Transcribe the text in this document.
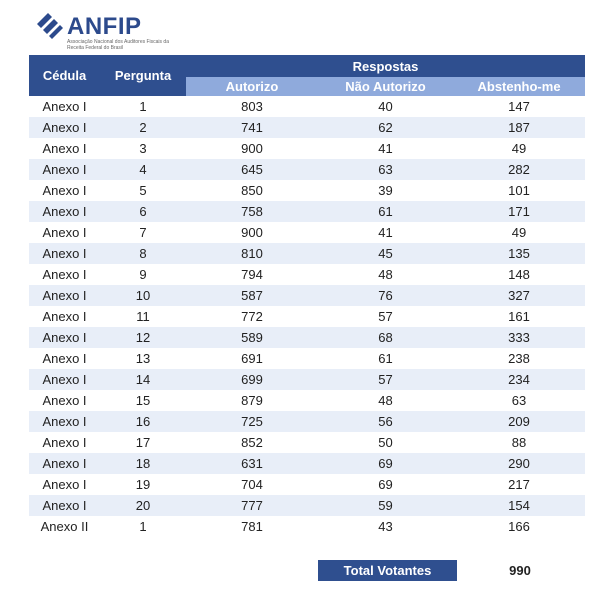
ANFIP
Associação Nacional dos Auditores Fiscais da Receita Federal do Brasil
Cédula	Pergunta	Respostas		
		Autorizo	Não Autorizo	Abstenho-me
Anexo I	1	803	40	147
Anexo I	2	741	62	187
Anexo I	3	900	41	49
Anexo I	4	645	63	282
Anexo I	5	850	39	101
Anexo I	6	758	61	171
Anexo I	7	900	41	49
Anexo I	8	810	45	135
Anexo I	9	794	48	148
Anexo I	10	587	76	327
Anexo I	11	772	57	161
Anexo I	12	589	68	333
Anexo I	13	691	61	238
Anexo I	14	699	57	234
Anexo I	15	879	48	63
Anexo I	16	725	56	209
Anexo I	17	852	50	88
Anexo I	18	631	69	290
Anexo I	19	704	69	217
Anexo I	20	777	59	154
Anexo II	1	781	43	166
Total Votantes	990
